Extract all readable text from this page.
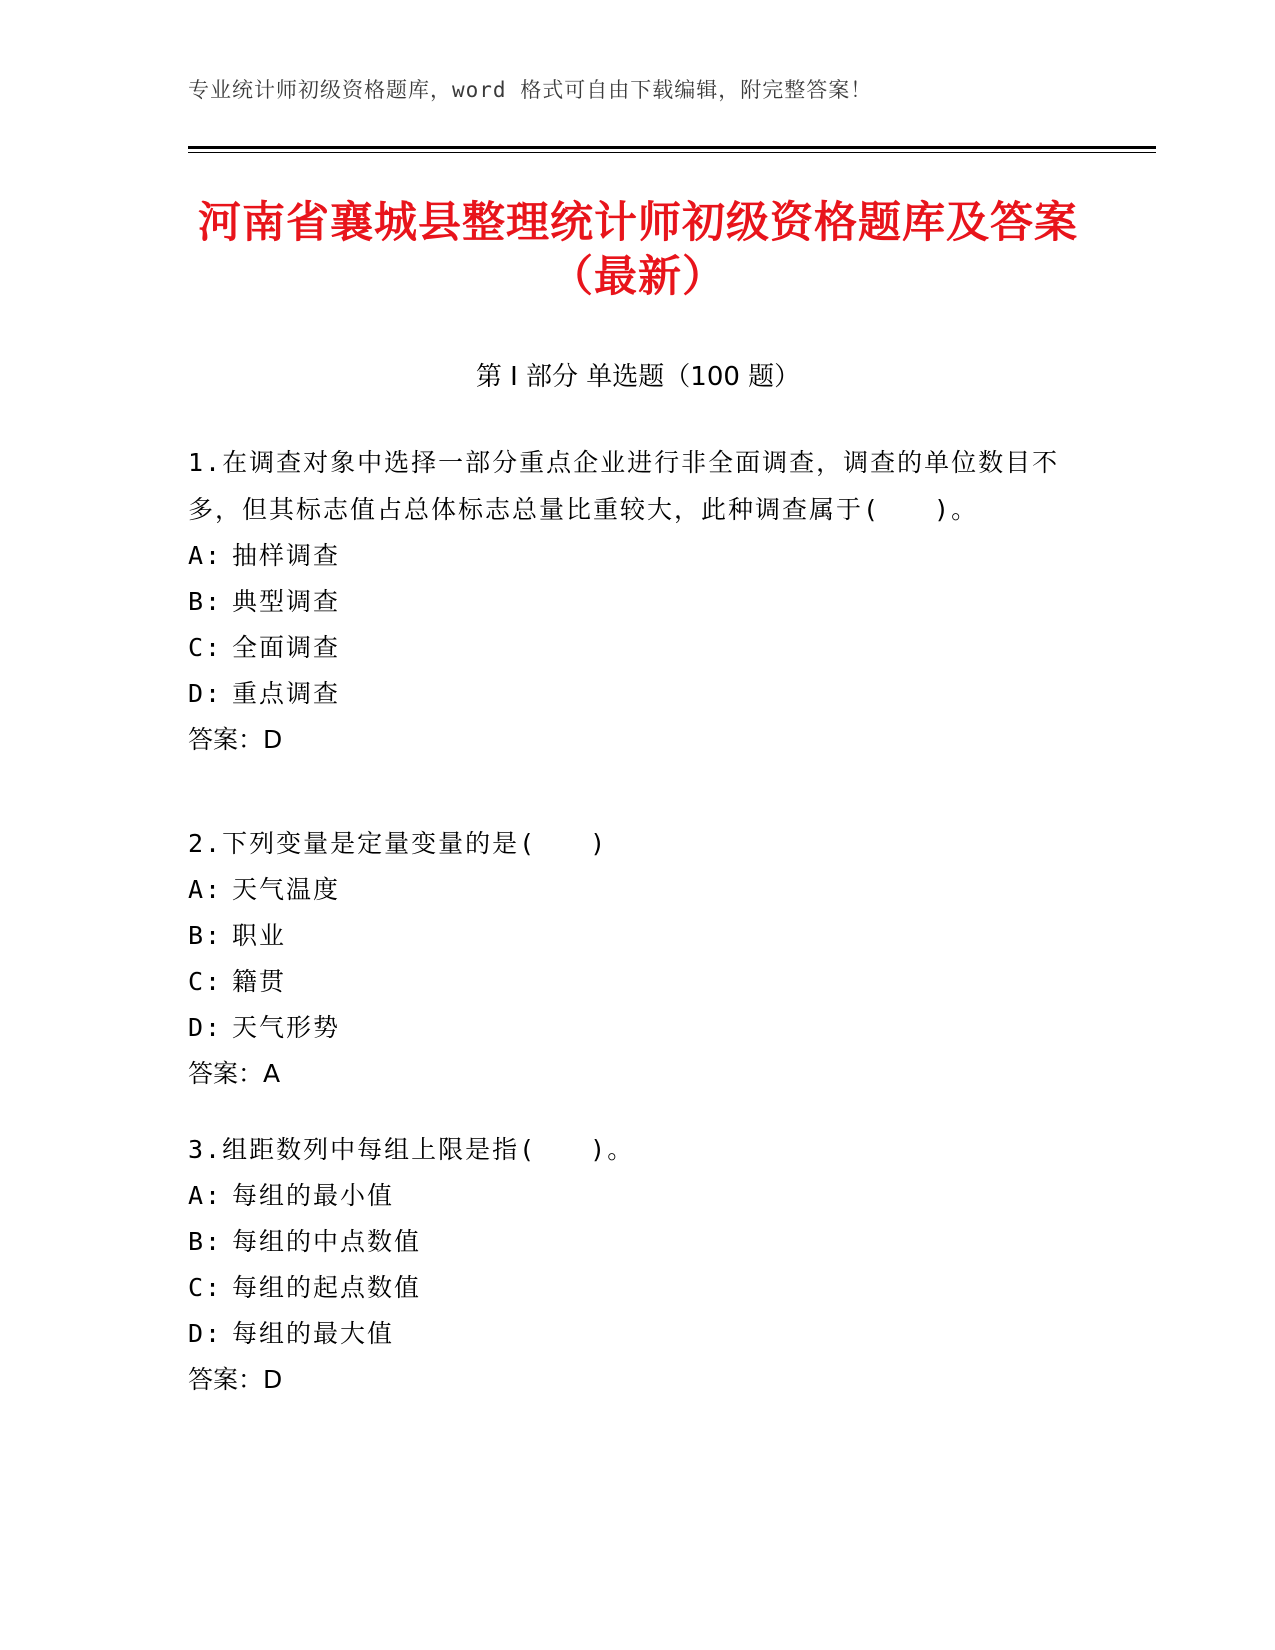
专业统计师初级资格题库，word 格式可自由下载编辑，附完整答案！
河南省襄城县整理统计师初级资格题库及答案（最新）
第 I 部分 单选题（100 题）

1.在调查对象中选择一部分重点企业进行非全面调查，调查的单位数目不多，但其标志值占总体标志总量比重较大，此种调查属于(　　)。

A: 抽样调查

B: 典型调查

C: 全面调查

D: 重点调查

答案：D

2.下列变量是定量变量的是(　　)

A: 天气温度

B: 职业

C: 籍贯

D: 天气形势

答案：A

3.组距数列中每组上限是指(　　)。

A: 每组的最小值

B: 每组的中点数值

C: 每组的起点数值

D: 每组的最大值

答案：D
